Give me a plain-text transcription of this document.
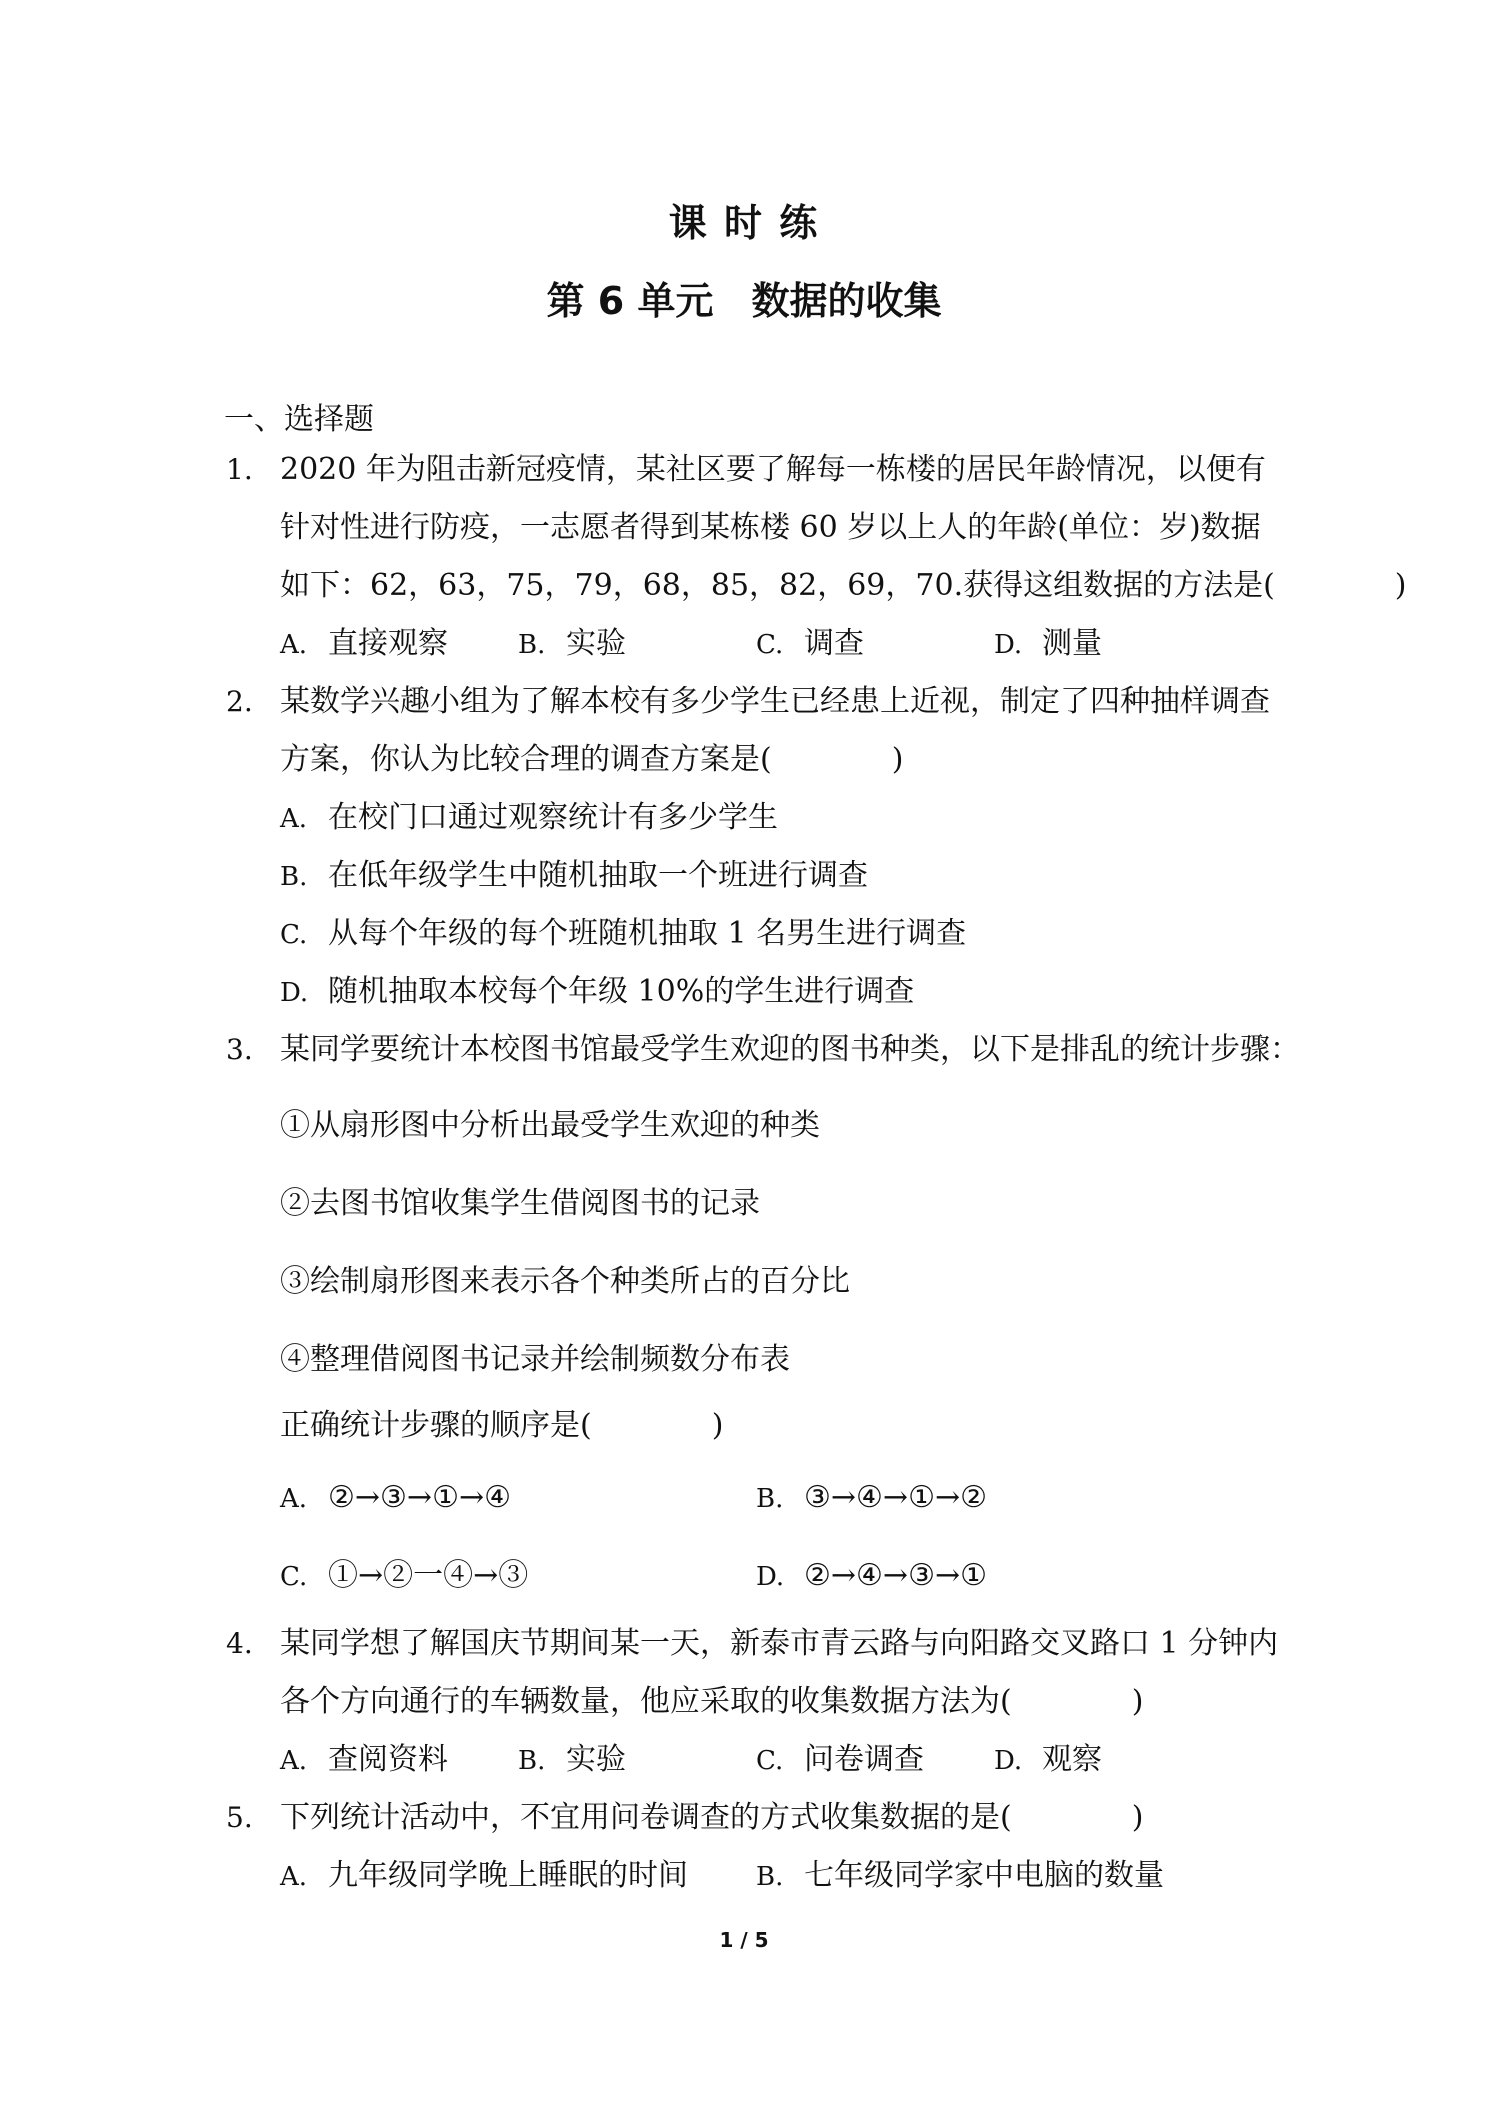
课 时 练
第 6 单元　数据的收集
一、选择题
1. 2020 年为阻击新冠疫情，某社区要了解每一栋楼的居民年龄情况，以便有
针对性进行防疫，一志愿者得到某栋楼 60 岁以上人的年龄(单位：岁)数据
如下：62，63，75，79，68，85，82，69，70.获得这组数据的方法是(　　　　)
A. 直接观察	B. 实验	C. 调查	D. 测量
2. 某数学兴趣小组为了解本校有多少学生已经患上近视，制定了四种抽样调查
方案，你认为比较合理的调查方案是(　　　　)
A. 在校门口通过观察统计有多少学生
B. 在低年级学生中随机抽取一个班进行调查
C. 从每个年级的每个班随机抽取 1 名男生进行调查
D. 随机抽取本校每个年级 10%的学生进行调查
3. 某同学要统计本校图书馆最受学生欢迎的图书种类，以下是排乱的统计步骤：
①从扇形图中分析出最受学生欢迎的种类
②去图书馆收集学生借阅图书的记录
③绘制扇形图来表示各个种类所占的百分比
④整理借阅图书记录并绘制频数分布表
正确统计步骤的顺序是(　　　　)
A. ②→③→①→④	B. ③→④→①→②
C. ①→②一④→③	D. ②→④→③→①
4. 某同学想了解国庆节期间某一天，新泰市青云路与向阳路交叉路口 1 分钟内
各个方向通行的车辆数量，他应采取的收集数据方法为(　　　　)
A. 查阅资料	B. 实验	C. 问卷调查	D. 观察
5. 下列统计活动中，不宜用问卷调查的方式收集数据的是(　　　　)
A. 九年级同学晚上睡眠的时间	B. 七年级同学家中电脑的数量
1 / 5
